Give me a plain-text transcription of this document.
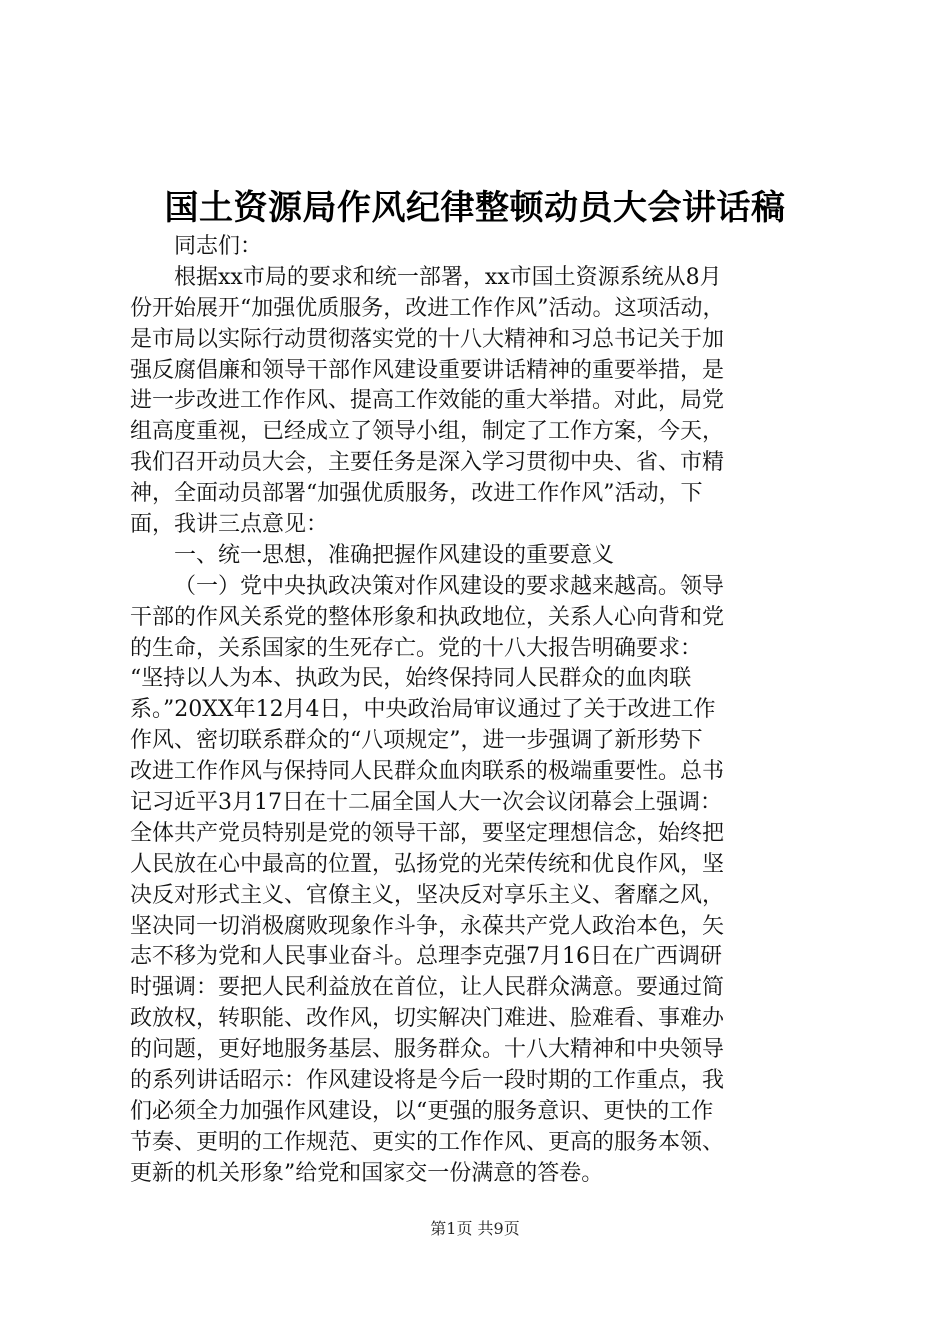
国土资源局作风纪律整顿动员大会讲话稿
同志们：
根据xx市局的要求和统一部署，xx市国土资源系统从8月
份开始展开“加强优质服务，改进工作作风”活动。这项活动，
是市局以实际行动贯彻落实党的十八大精神和习总书记关于加
强反腐倡廉和领导干部作风建设重要讲话精神的重要举措，是
进一步改进工作作风、提高工作效能的重大举措。对此，局党
组高度重视，已经成立了领导小组，制定了工作方案，今天，
我们召开动员大会，主要任务是深入学习贯彻中央、省、市精
神，全面动员部署“加强优质服务，改进工作作风”活动，下
面，我讲三点意见：
一、统一思想，准确把握作风建设的重要意义
（一）党中央执政决策对作风建设的要求越来越高。领导
干部的作风关系党的整体形象和执政地位，关系人心向背和党
的生命，关系国家的生死存亡。党的十八大报告明确要求：
“坚持以人为本、执政为民，始终保持同人民群众的血肉联
系。”20XX年12月4日，中央政治局审议通过了关于改进工作
作风、密切联系群众的“八项规定”，进一步强调了新形势下
改进工作作风与保持同人民群众血肉联系的极端重要性。总书
记习近平3月17日在十二届全国人大一次会议闭幕会上强调：
全体共产党员特别是党的领导干部，要坚定理想信念，始终把
人民放在心中最高的位置，弘扬党的光荣传统和优良作风，坚
决反对形式主义、官僚主义，坚决反对享乐主义、奢靡之风，
坚决同一切消极腐败现象作斗争，永葆共产党人政治本色，矢
志不移为党和人民事业奋斗。总理李克强7月16日在广西调研
时强调：要把人民利益放在首位，让人民群众满意。要通过简
政放权，转职能、改作风，切实解决门难进、脸难看、事难办
的问题，更好地服务基层、服务群众。十八大精神和中央领导
的系列讲话昭示：作风建设将是今后一段时期的工作重点，我
们必须全力加强作风建设，以“更强的服务意识、更快的工作
节奏、更明的工作规范、更实的工作作风、更高的服务本领、
更新的机关形象”给党和国家交一份满意的答卷。
第1页 共9页
